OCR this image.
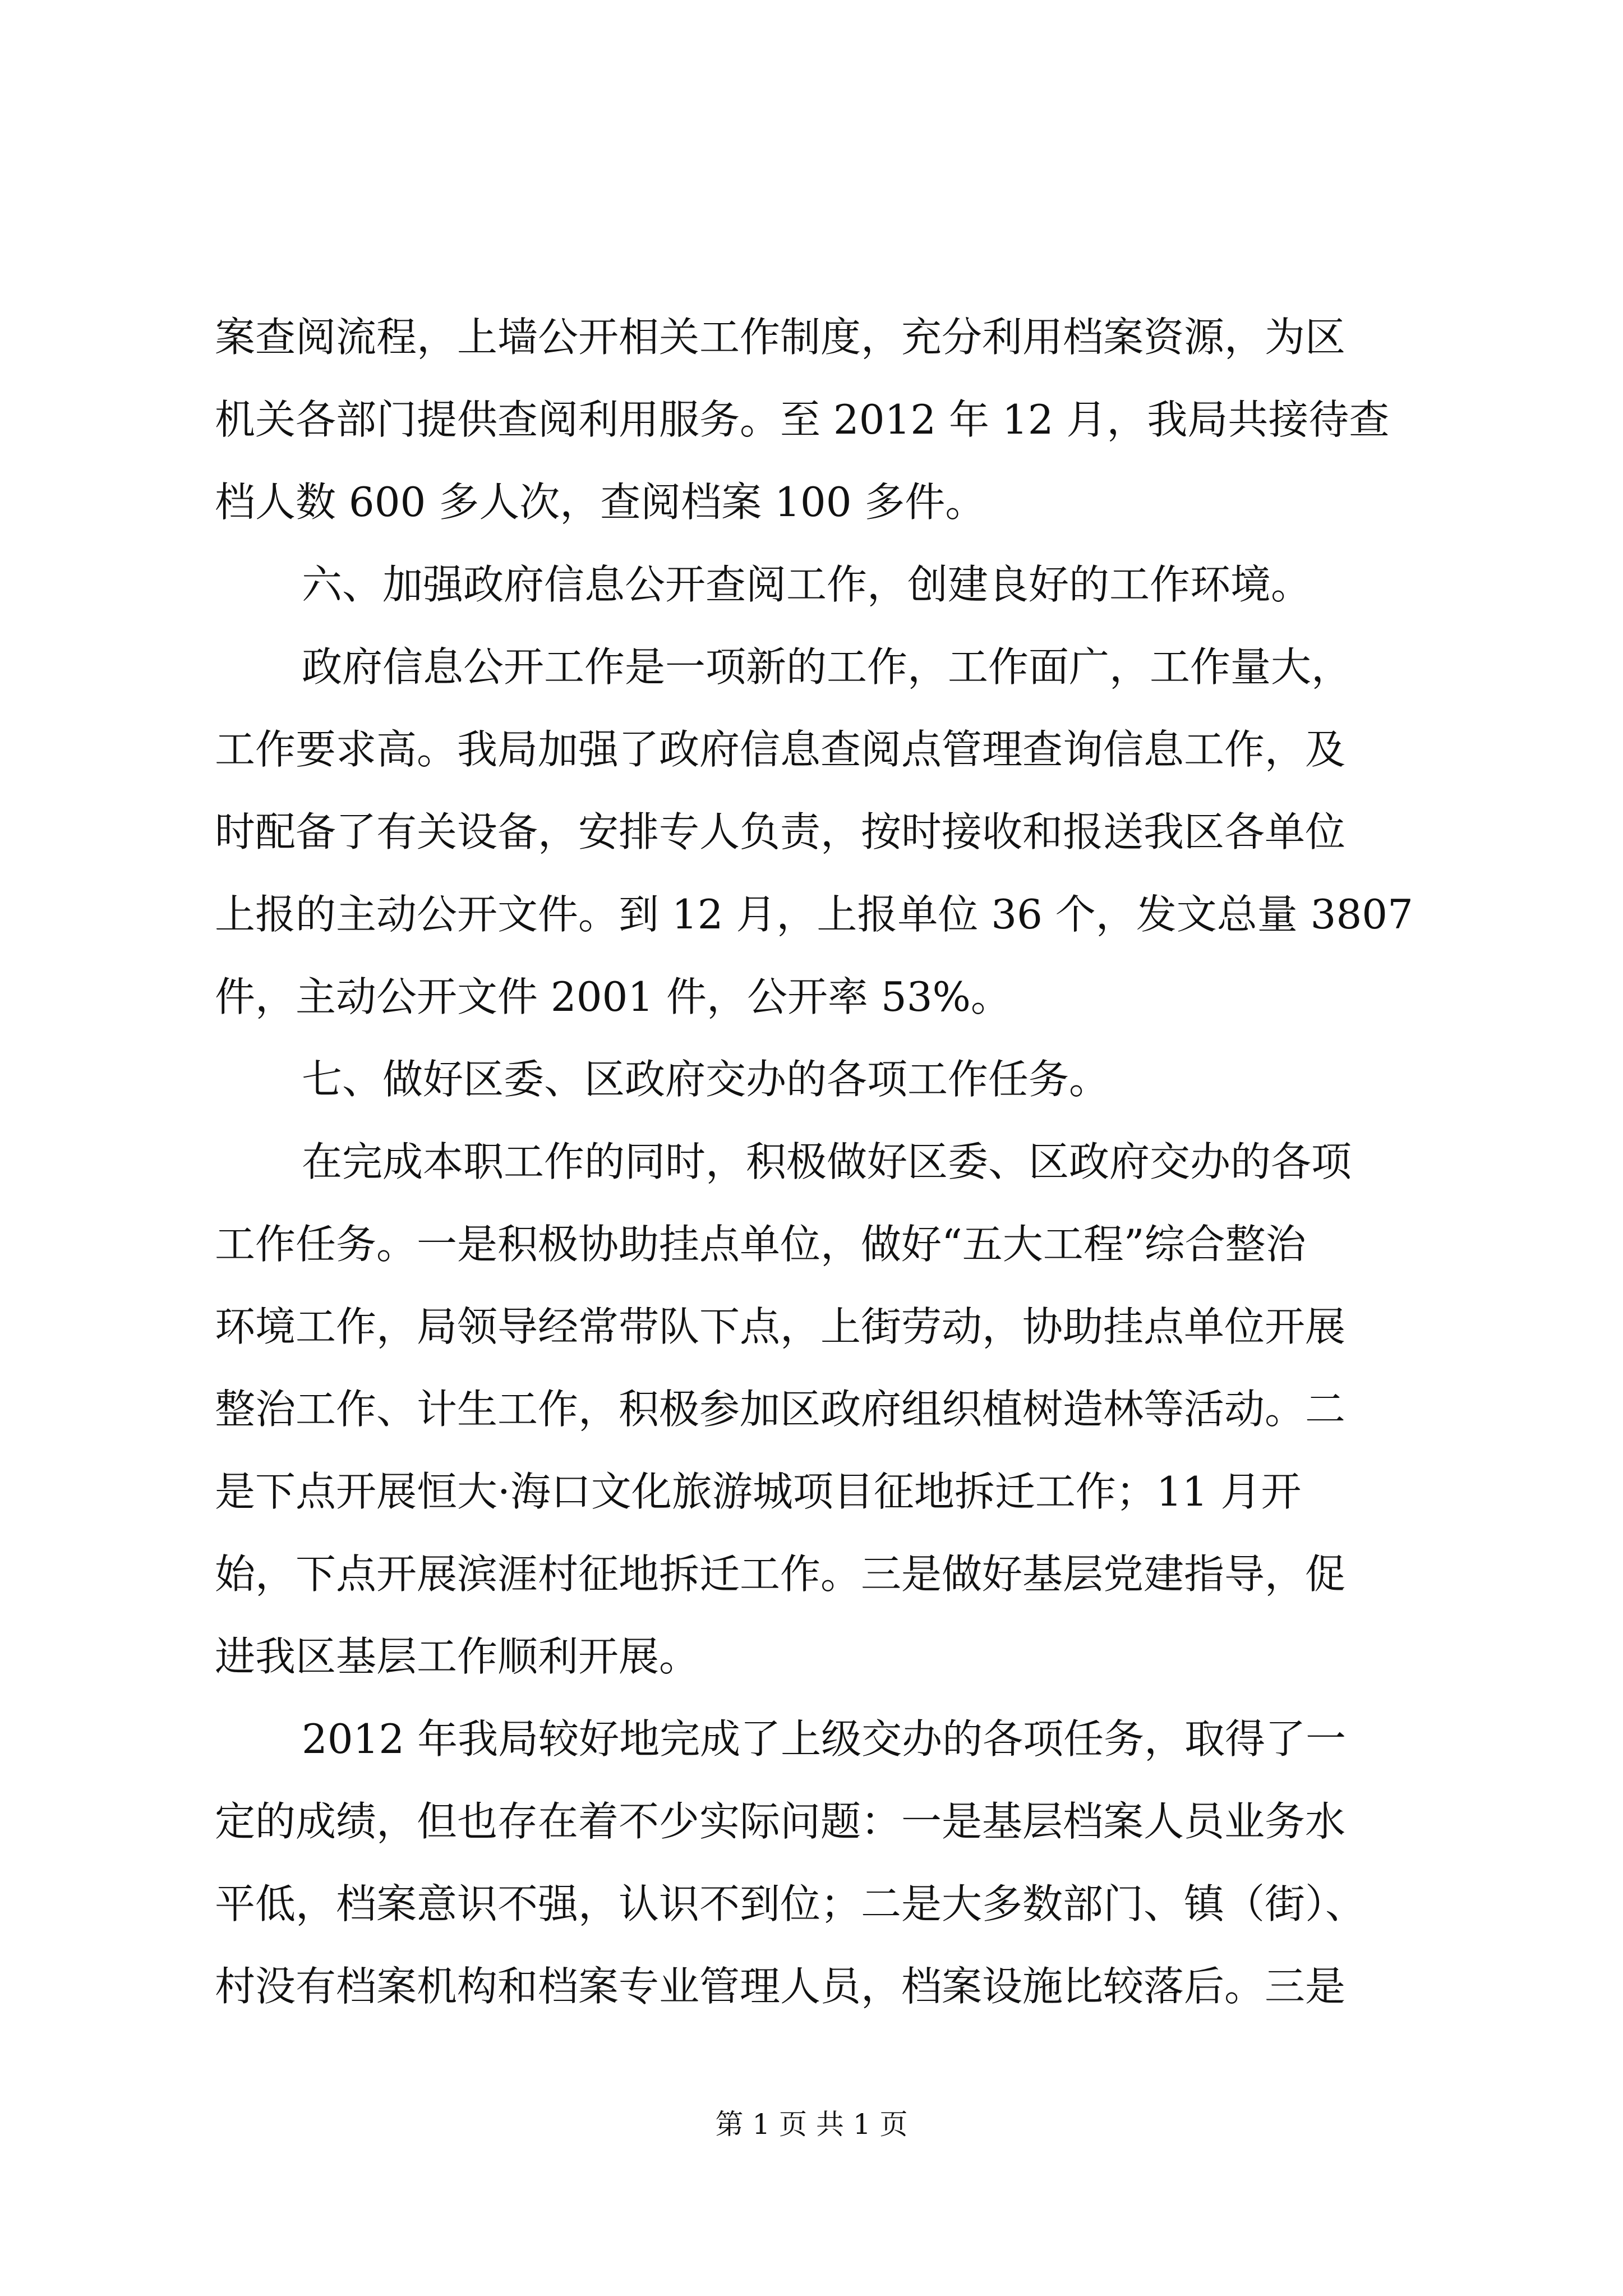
案查阅流程，上墙公开相关工作制度，充分利用档案资源，为区
机关各部门提供查阅利用服务。至 2012 年 12 月，我局共接待查
档人数 600 多人次，查阅档案 100 多件。
六、加强政府信息公开查阅工作，创建良好的工作环境。
政府信息公开工作是一项新的工作，工作面广，工作量大，
工作要求高。我局加强了政府信息查阅点管理查询信息工作，及
时配备了有关设备，安排专人负责，按时接收和报送我区各单位
上报的主动公开文件。到 12 月，上报单位 36 个，发文总量 3807
件，主动公开文件 2001 件，公开率 53%。
七、做好区委、区政府交办的各项工作任务。
在完成本职工作的同时，积极做好区委、区政府交办的各项
工作任务。一是积极协助挂点单位，做好“五大工程”综合整治
环境工作，局领导经常带队下点，上街劳动，协助挂点单位开展
整治工作、计生工作，积极参加区政府组织植树造林等活动。二
是下点开展恒大·海口文化旅游城项目征地拆迁工作；11 月开
始，下点开展滨涯村征地拆迁工作。三是做好基层党建指导，促
进我区基层工作顺利开展。
2012 年我局较好地完成了上级交办的各项任务，取得了一
定的成绩，但也存在着不少实际问题：一是基层档案人员业务水
平低，档案意识不强，认识不到位；二是大多数部门、镇（街）、
村没有档案机构和档案专业管理人员，档案设施比较落后。三是
第 1 页 共 1 页
